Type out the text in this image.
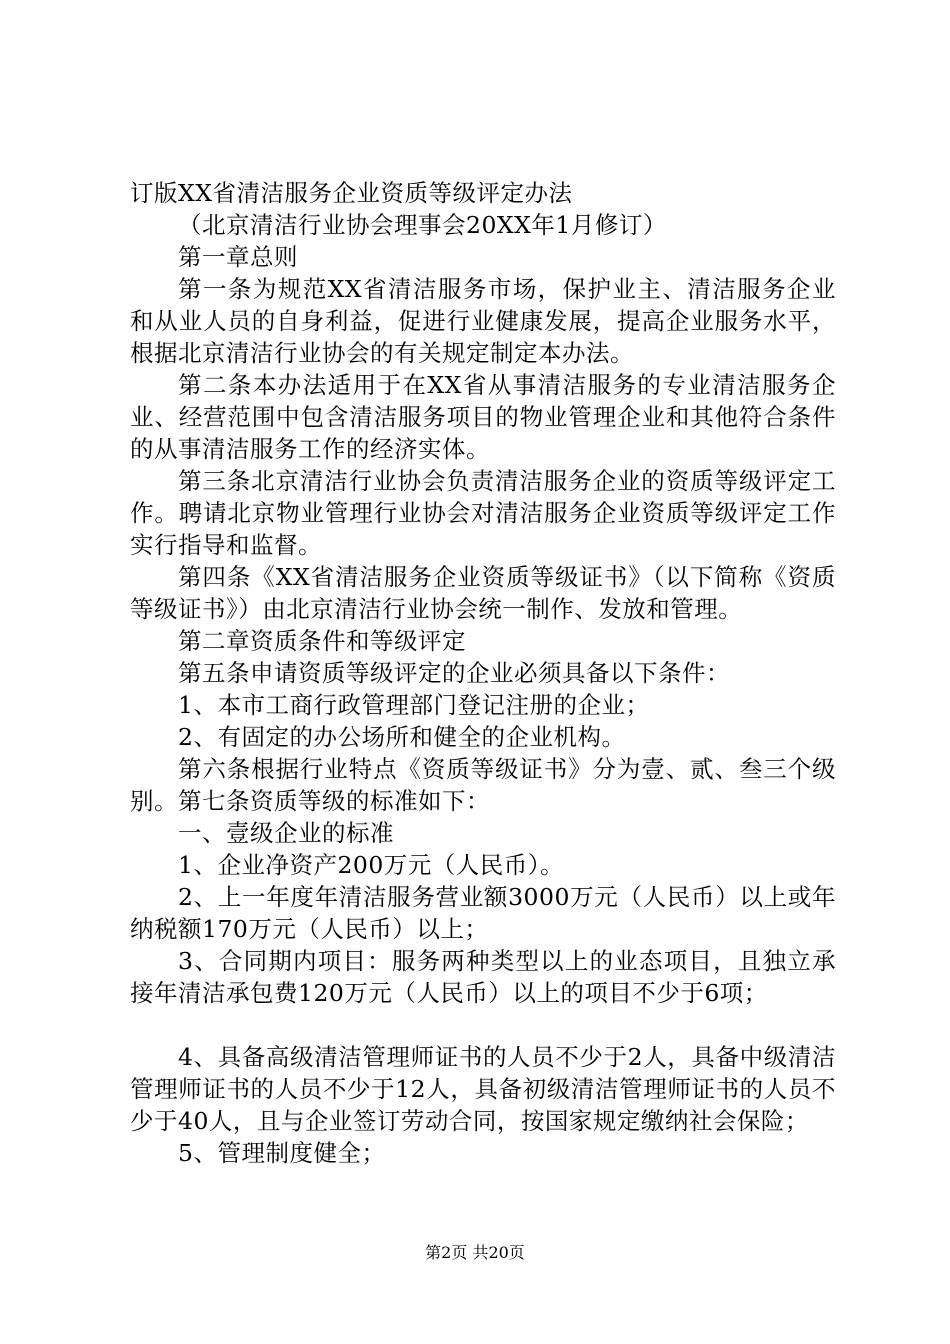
订版XX省清洁服务企业资质等级评定办法

（北京清洁行业协会理事会20XX年1月修订）

第一章总则

第一条为规范XX省清洁服务市场，保护业主、清洁服务企业和从业人员的自身利益，促进行业健康发展，提高企业服务水平，根据北京清洁行业协会的有关规定制定本办法。

第二条本办法适用于在XX省从事清洁服务的专业清洁服务企业、经营范围中包含清洁服务项目的物业管理企业和其他符合条件的从事清洁服务工作的经济实体。

第三条北京清洁行业协会负责清洁服务企业的资质等级评定工作。聘请北京物业管理行业协会对清洁服务企业资质等级评定工作实行指导和监督。

第四条《XX省清洁服务企业资质等级证书》（以下简称《资质等级证书》）由北京清洁行业协会统一制作、发放和管理。

第二章资质条件和等级评定

第五条申请资质等级评定的企业必须具备以下条件：

1、本市工商行政管理部门登记注册的企业；

2、有固定的办公场所和健全的企业机构。

第六条根据行业特点《资质等级证书》分为壹、贰、叁三个级别。第七条资质等级的标准如下：

一、壹级企业的标准

1、企业净资产200万元（人民币）。

2、上一年度年清洁服务营业额3000万元（人民币）以上或年纳税额170万元（人民币）以上；

3、合同期内项目：服务两种类型以上的业态项目，且独立承接年清洁承包费120万元（人民币）以上的项目不少于6项；

4、具备高级清洁管理师证书的人员不少于2人，具备中级清洁管理师证书的人员不少于12人，具备初级清洁管理师证书的人员不少于40人，且与企业签订劳动合同，按国家规定缴纳社会保险；

5、管理制度健全；

第2页 共20页
